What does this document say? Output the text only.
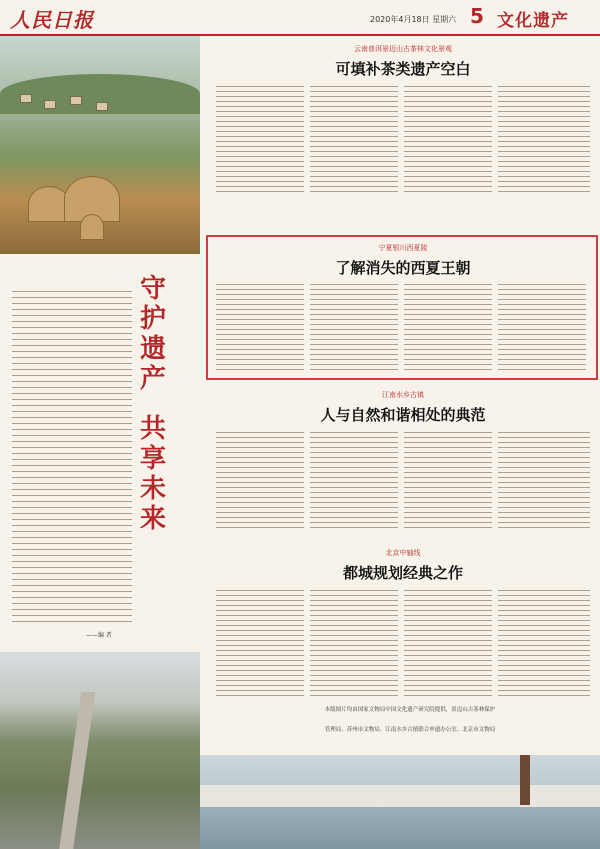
人民日报	2020年4月18日 星期六 5 文化遗产
——编 者
守
护
遗
产
共
享
未
来
云南普洱景迈山古茶林文化景观
可填补茶类遗产空白
宁夏银川西夏陵
了解消失的西夏王朝
江南水乡古镇
人与自然和谐相处的典范
北京中轴线
都城规划经典之作
本版图片均由国家文物局中国文化遗产研究院提供，景迈山古茶林保护
管理局、苏州市文物局、江南水乡古镇联合申遗办公室、北京市文物局
